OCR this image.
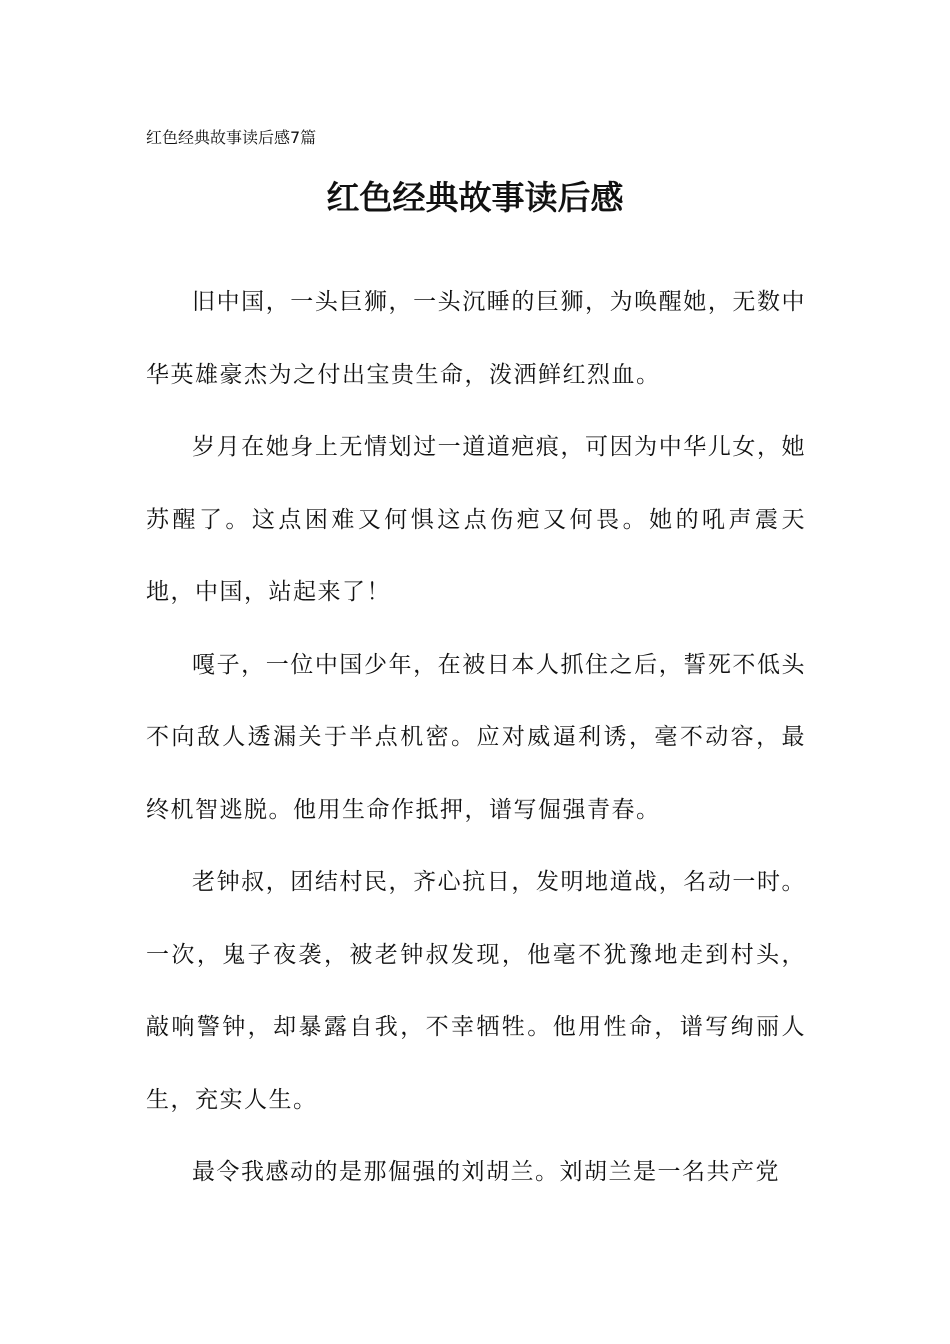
红色经典故事读后感7篇

红色经典故事读后感

旧中国，一头巨狮，一头沉睡的巨狮，为唤醒她，无数中华英雄豪杰为之付出宝贵生命，泼洒鲜红烈血。

岁月在她身上无情划过一道道疤痕，可因为中华儿女，她苏醒了。这点困难又何惧这点伤疤又何畏。她的吼声震天地，中国，站起来了！

嘎子，一位中国少年，在被日本人抓住之后，誓死不低头不向敌人透漏关于半点机密。应对威逼利诱，毫不动容，最终机智逃脱。他用生命作抵押，谱写倔强青春。

老钟叔，团结村民，齐心抗日，发明地道战，名动一时。一次，鬼子夜袭，被老钟叔发现，他毫不犹豫地走到村头，敲响警钟，却暴露自我，不幸牺牲。他用性命，谱写绚丽人生，充实人生。

最令我感动的是那倔强的刘胡兰。刘胡兰是一名共产党
